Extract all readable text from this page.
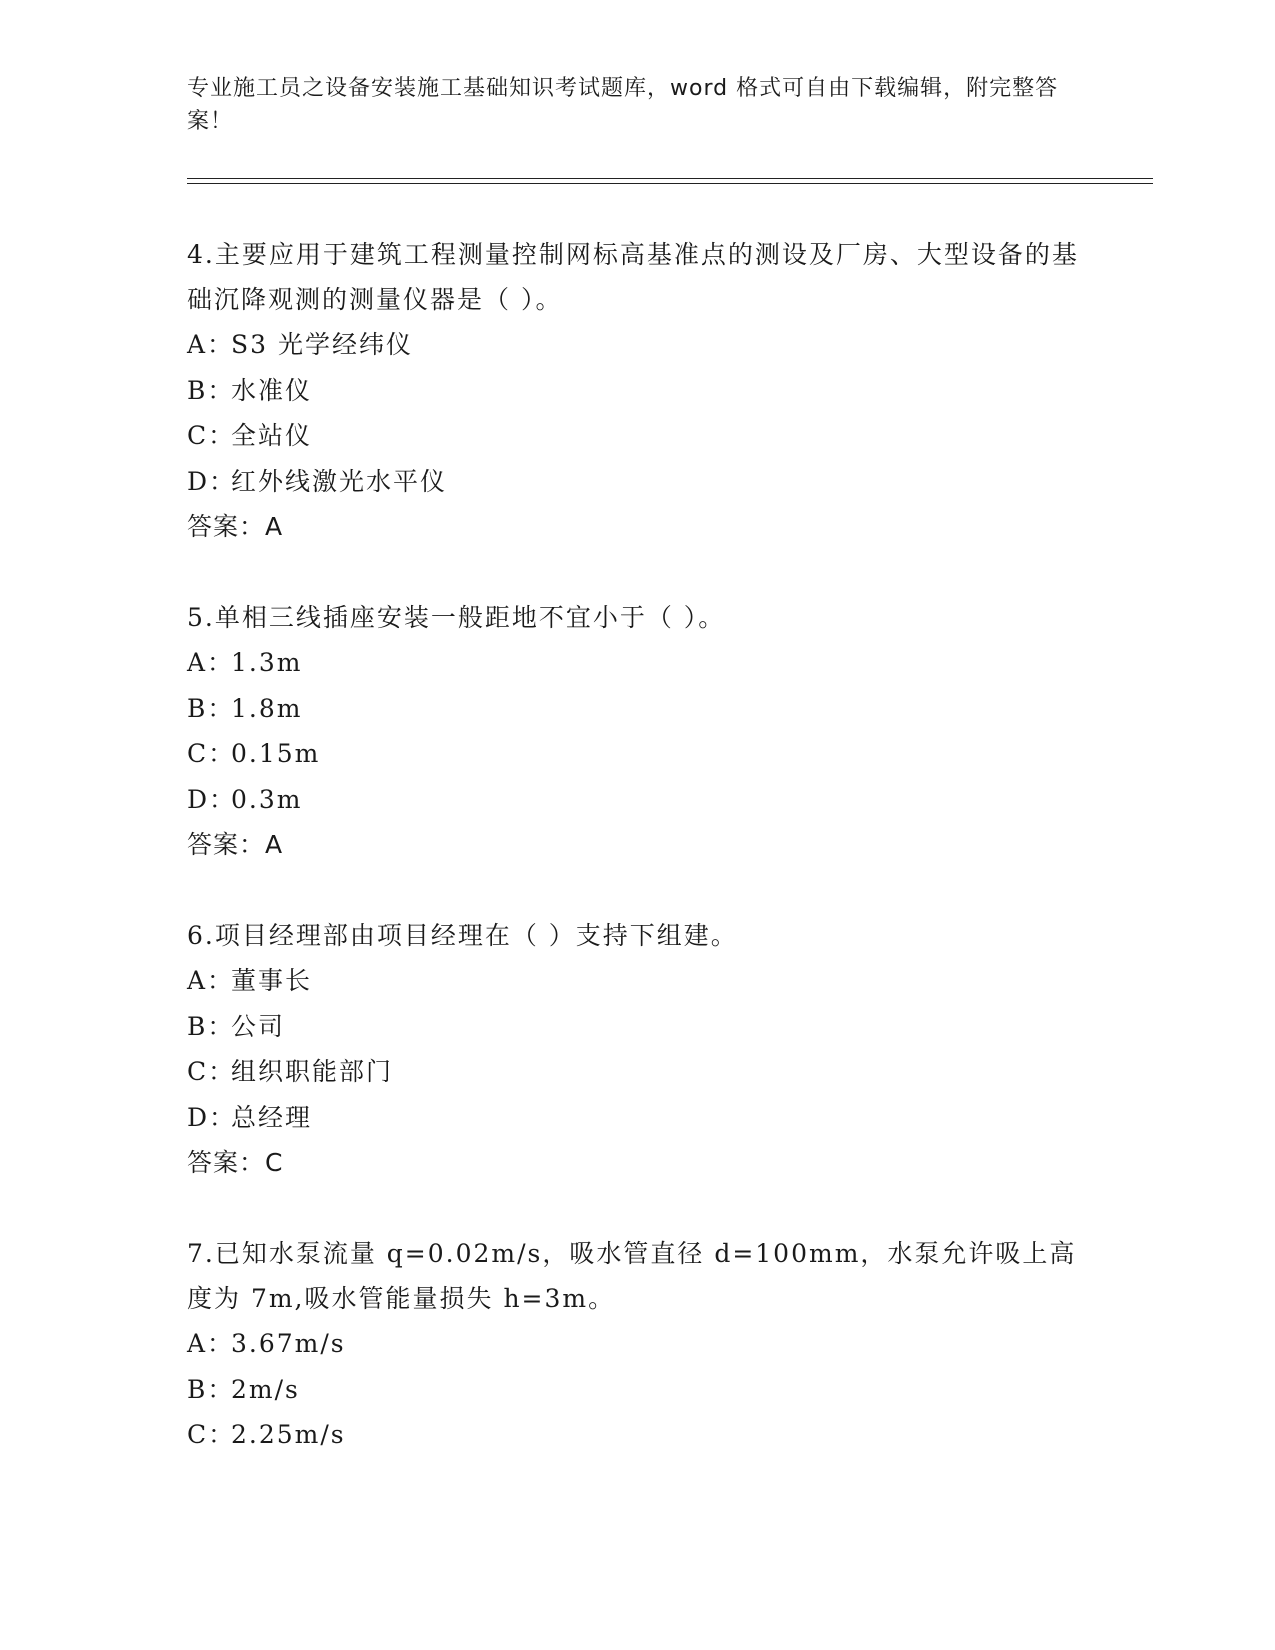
专业施工员之设备安装施工基础知识考试题库，word 格式可自由下载编辑，附完整答案！

4.主要应用于建筑工程测量控制网标高基准点的测设及厂房、大型设备的基础沉降观测的测量仪器是（ ）。

A：S3 光学经纬仪
B：水准仪
C：全站仪
D：红外线激光水平仪
答案：A

5.单相三线插座安装一般距地不宜小于（ ）。

A：1.3m
B：1.8m
C：0.15m
D：0.3m
答案：A

6.项目经理部由项目经理在（ ）支持下组建。

A：董事长
B：公司
C：组织职能部门
D：总经理
答案：C

7.已知水泵流量 q=0.02m/s，吸水管直径 d=100mm，水泵允许吸上高度为 7m,吸水管能量损失 h=3m。

A：3.67m/s
B：2m/s
C：2.25m/s
